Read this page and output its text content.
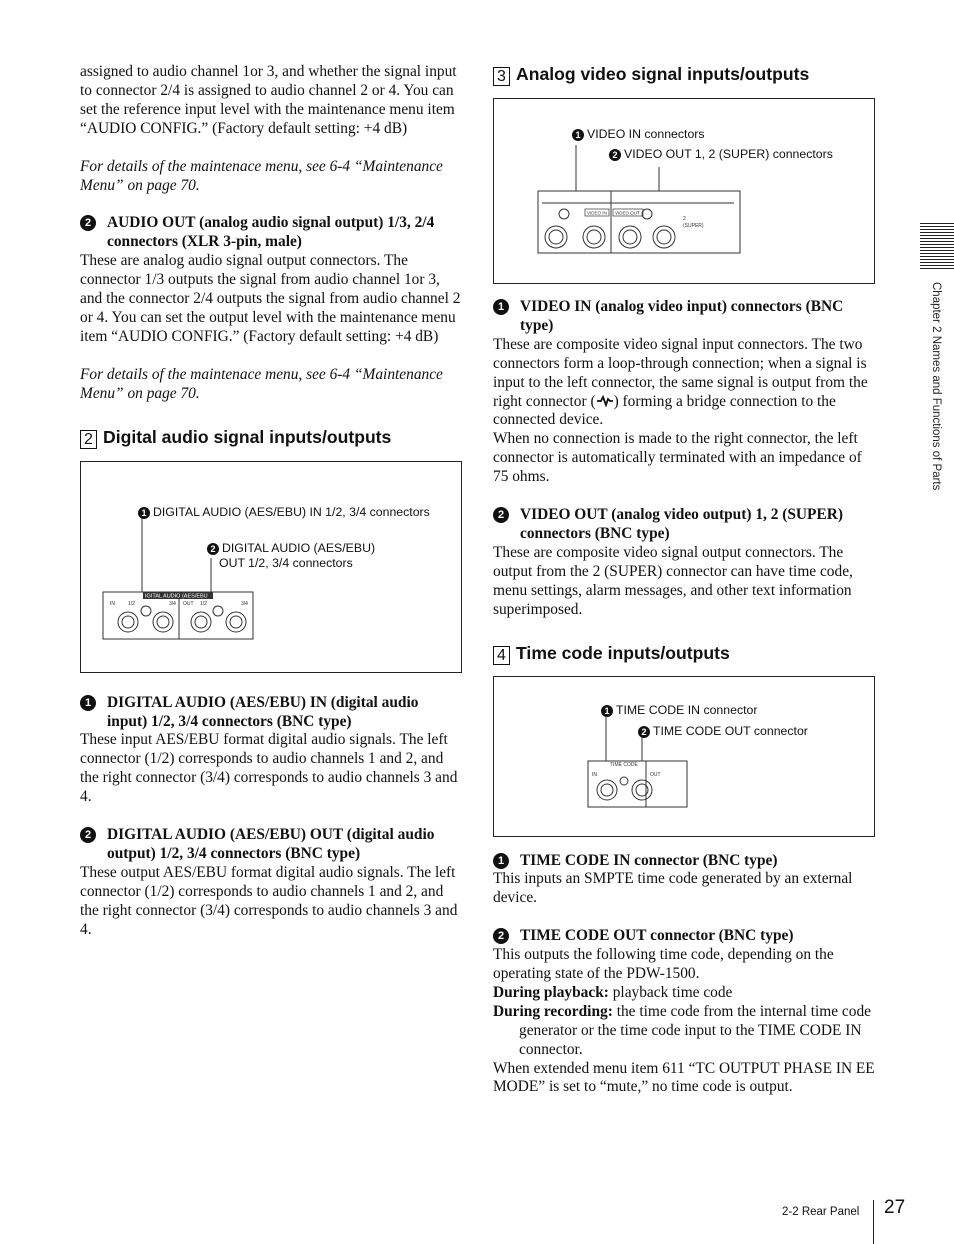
assigned to audio channel 1or 3, and whether the signal input to connector 2/4 is assigned to audio channel 2 or 4. You can set the reference input level with the maintenance menu item “AUDIO CONFIG.” (Factory default setting: +4 dB)

For details of the maintenace menu, see 6-4 “Maintenance Menu” on page 70.

2 AUDIO OUT (analog audio signal output) 1/3, 2/4 connectors (XLR 3-pin, male)

These are analog audio signal output connectors. The connector 1/3 outputs the signal from audio channel 1or 3, and the connector 2/4 outputs the signal from audio channel 2 or 4. You can set the output level with the maintenance menu item “AUDIO CONFIG.” (Factory default setting: +4 dB)

For details of the maintenace menu, see 6-4 “Maintenance Menu” on page 70.

2 Digital audio signal inputs/outputs
IGITAL AUDIO (AES/EBU
IN	1/2	3/4 OUT 1/2	3/4
1 DIGITAL AUDIO (AES/EBU) IN 1/2, 3/4 connectors
2 DIGITAL AUDIO (AES/EBU)
OUT 1/2, 3/4 connectors

1 DIGITAL AUDIO (AES/EBU) IN (digital audio input) 1/2, 3/4 connectors (BNC type)

These input AES/EBU format digital audio signals. The left connector (1/2) corresponds to audio channels 1 and 2, and the right connector (3/4) corresponds to audio channels 3 and 4.

2 DIGITAL AUDIO (AES/EBU) OUT (digital audio output) 1/2, 3/4 connectors (BNC type)

These output AES/EBU format digital audio signals. The left connector (1/2) corresponds to audio channels 1 and 2, and the right connector (3/4) corresponds to audio channels 3 and 4.

3 Analog video signal inputs/outputs
VIDEO IN VIDEO OUT
2
(SUPER)
1 VIDEO IN connectors
2 VIDEO OUT 1, 2 (SUPER) connectors

1 VIDEO IN (analog video input) connectors (BNC type)

These are composite video signal input connectors. The two connectors form a loop-through connection; when a signal is input to the left connector, the same signal is output from the right connector ( ) forming a bridge connection to the connected device.
When no connection is made to the right connector, the left connector is automatically terminated with an impedance of 75 ohms.

2 VIDEO OUT (analog video output) 1, 2 (SUPER) connectors (BNC type)

These are composite video signal output connectors. The output from the 2 (SUPER) connector can have time code, menu settings, alarm messages, and other text information superimposed.

4 Time code inputs/outputs
TIME CODE
IN	OUT
1 TIME CODE IN connector
2 TIME CODE OUT connector

1 TIME CODE IN connector (BNC type)

This inputs an SMPTE time code generated by an external device.

2 TIME CODE OUT connector (BNC type)

This outputs the following time code, depending on the operating state of the PDW-1500.

During playback: playback time code

During recording: the time code from the internal time code generator or the time code input to the TIME CODE IN connector.

When extended menu item 611 “TC OUTPUT PHASE IN EE MODE” is set to “mute,” no time code is output.

Chapter 2 Names and Functions of Parts
2-2 Rear Panel 27
